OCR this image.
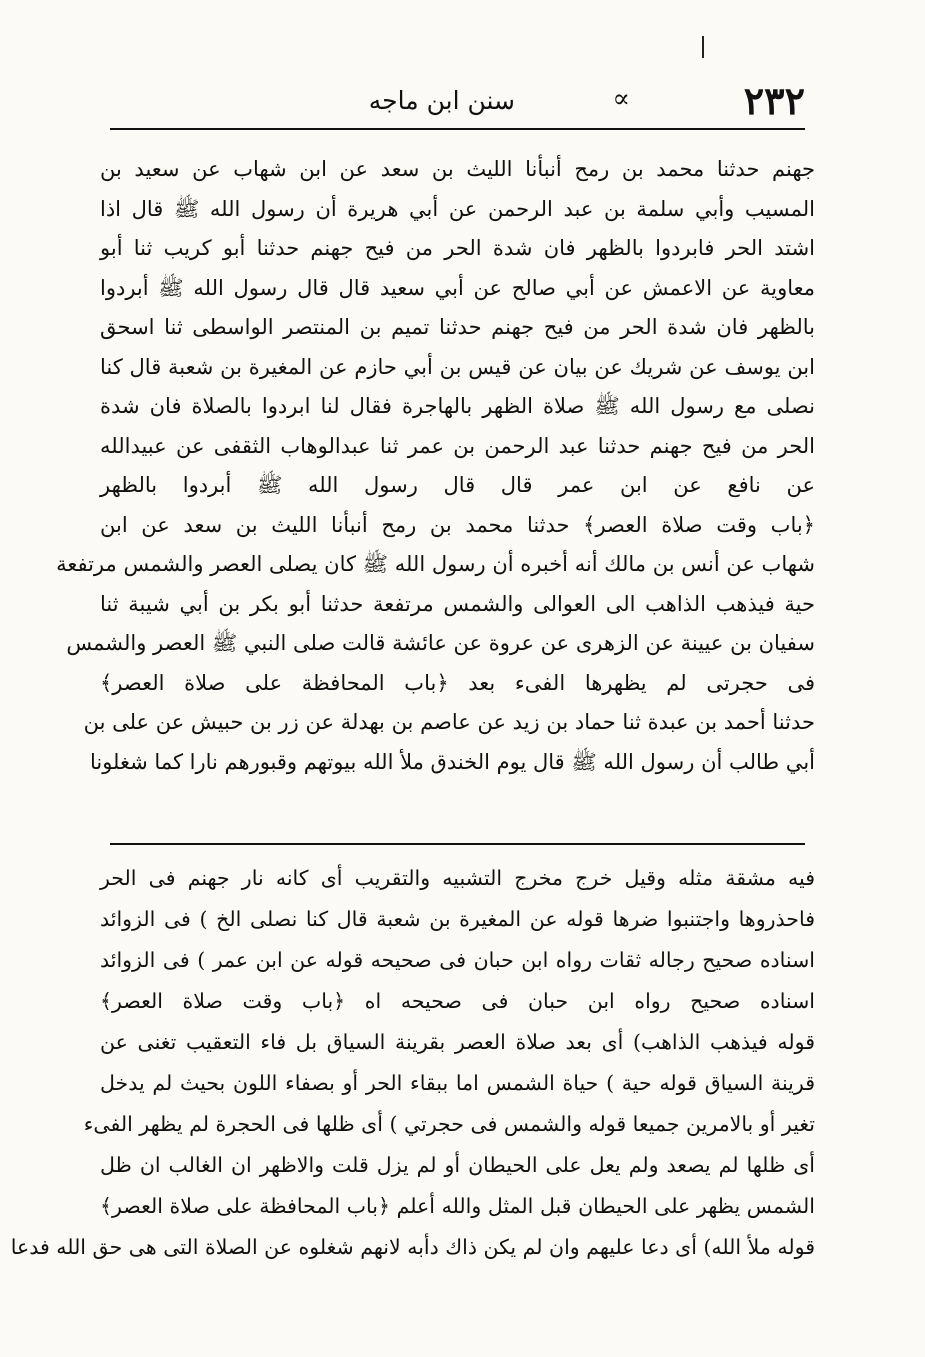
٢٣٢
∝
سنن ابن ماجه
جهنم حدثنا محمد بن رمح أنبأنا الليث بن سعد عن ابن شهاب عن سعيد بن
المسيب وأبي سلمة بن عبد الرحمن عن أبي هريرة أن رسول الله ﷺ قال اذا
اشتد الحر فابردوا بالظهر فان شدة الحر من فيح جهنم حدثنا أبو كريب ثنا أبو
معاوية عن الاعمش عن أبي صالح عن أبي سعيد قال قال رسول الله ﷺ أبردوا
بالظهر فان شدة الحر من فيح جهنم حدثنا تميم بن المنتصر الواسطى ثنا اسحق
ابن يوسف عن شريك عن بيان عن قيس بن أبي حازم عن المغيرة بن شعبة قال كنا
نصلى مع رسول الله ﷺ صلاة الظهر بالهاجرة فقال لنا ابردوا بالصلاة فان شدة
الحر من فيح جهنم حدثنا عبد الرحمن بن عمر ثنا عبدالوهاب الثقفى عن عبيدالله
عن نافع عن ابن عمر قال قال رسول الله ﷺ أبردوا بالظهر
﴿باب وقت صلاة العصر﴾ حدثنا محمد بن رمح أنبأنا الليث بن سعد عن ابن
شهاب عن أنس بن مالك أنه أخبره أن رسول الله ﷺ كان يصلى العصر والشمس مرتفعة
حية فيذهب الذاهب الى العوالى والشمس مرتفعة حدثنا أبو بكر بن أبي شيبة ثنا
سفيان بن عيينة عن الزهرى عن عروة عن عائشة قالت صلى النبي ﷺ العصر والشمس
فى حجرتى لم يظهرها الفىء بعد ﴿باب المحافظة على صلاة العصر﴾
حدثنا أحمد بن عبدة ثنا حماد بن زيد عن عاصم بن بهدلة عن زر بن حبيش عن على بن
أبي طالب أن رسول الله ﷺ قال يوم الخندق ملأ الله بيوتهم وقبورهم نارا كما شغلونا
فيه مشقة مثله وقيل خرج مخرج التشبيه والتقريب أى كانه نار جهنم فى الحر
فاحذروها واجتنبوا ضرها قوله عن المغيرة بن شعبة قال كنا نصلى الخ ) فى الزوائد
اسناده صحيح رجاله ثقات رواه ابن حبان فى صحيحه قوله عن ابن عمر ) فى الزوائد
اسناده صحيح رواه ابن حبان فى صحيحه اه ﴿باب وقت صلاة العصر﴾
قوله فيذهب الذاهب) أى بعد صلاة العصر بقرينة السياق بل فاء التعقيب تغنى عن
قرينة السياق قوله حية ) حياة الشمس اما ببقاء الحر أو بصفاء اللون بحيث لم يدخل
تغير أو بالامرين جميعا قوله والشمس فى حجرتي ) أى ظلها فى الحجرة لم يظهر الفىء
أى ظلها لم يصعد ولم يعل على الحيطان أو لم يزل قلت والاظهر ان الغالب ان ظل
الشمس يظهر على الحيطان قبل المثل والله أعلم ﴿باب المحافظة على صلاة العصر﴾
قوله ملأ الله) أى دعا عليهم وان لم يكن ذاك دأبه لانهم شغلوه عن الصلاة التى هى حق الله فدعا
